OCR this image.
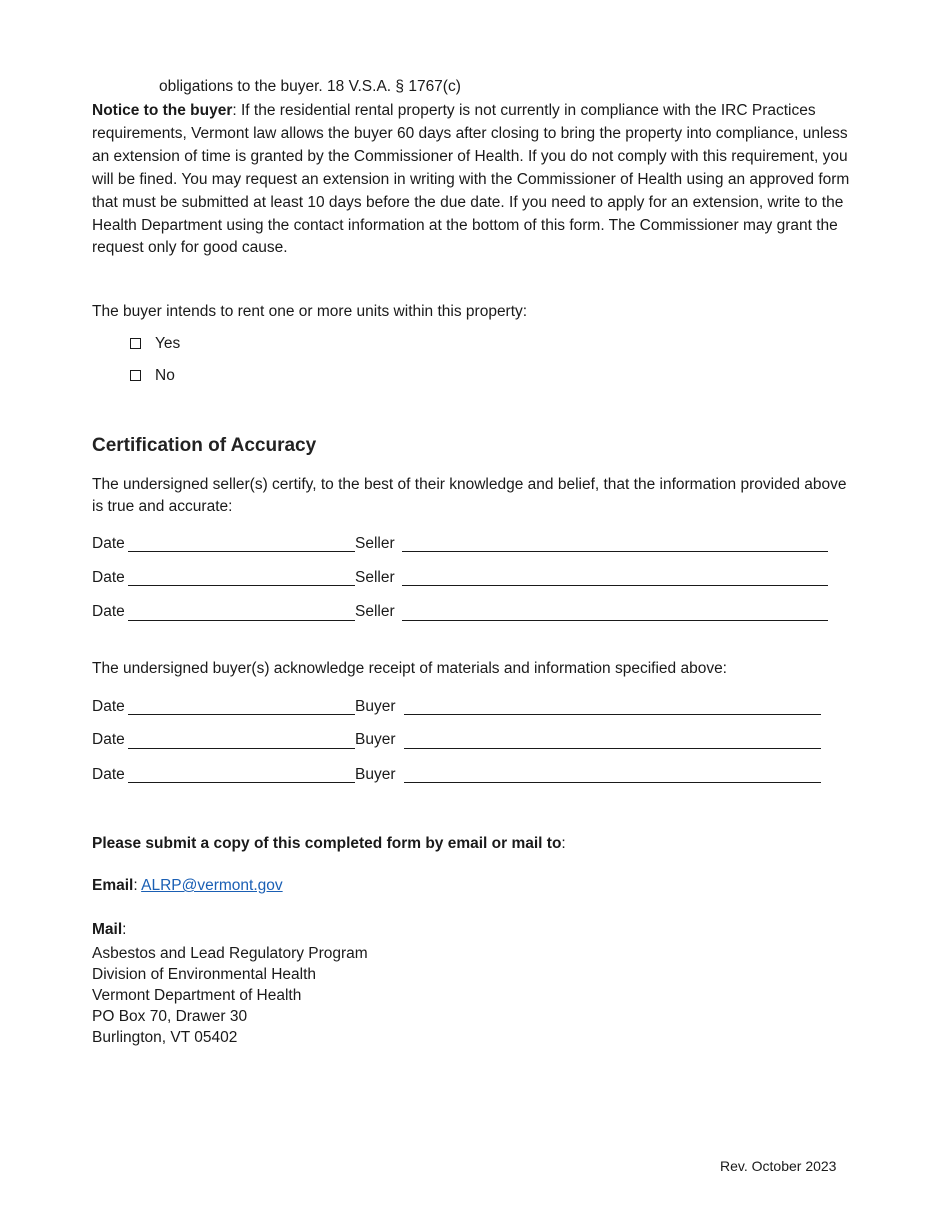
obligations to the buyer. 18 V.S.A. § 1767(c)

Notice to the buyer: If the residential rental property is not currently in compliance with the IRC Practices requirements, Vermont law allows the buyer 60 days after closing to bring the property into compliance, unless an extension of time is granted by the Commissioner of Health. If you do not comply with this requirement, you will be fined. You may request an extension in writing with the Commissioner of Health using an approved form that must be submitted at least 10 days before the due date. If you need to apply for an extension, write to the Health Department using the contact information at the bottom of this form. The Commissioner may grant the request only for good cause.

The buyer intends to rent one or more units within this property:
Yes
No
Certification of Accuracy
The undersigned seller(s) certify, to the best of their knowledge and belief, that the information provided above is true and accurate:
Date	Seller
Date	Seller
Date	Seller
The undersigned buyer(s) acknowledge receipt of materials and information specified above:
Date	Buyer
Date	Buyer
Date	Buyer
Please submit a copy of this completed form by email or mail to:
Email: ALRP@vermont.gov
Mail:
Asbestos and Lead Regulatory Program
Division of Environmental Health
Vermont Department of Health
PO Box 70, Drawer 30
Burlington, VT 05402
Rev. October 2023
